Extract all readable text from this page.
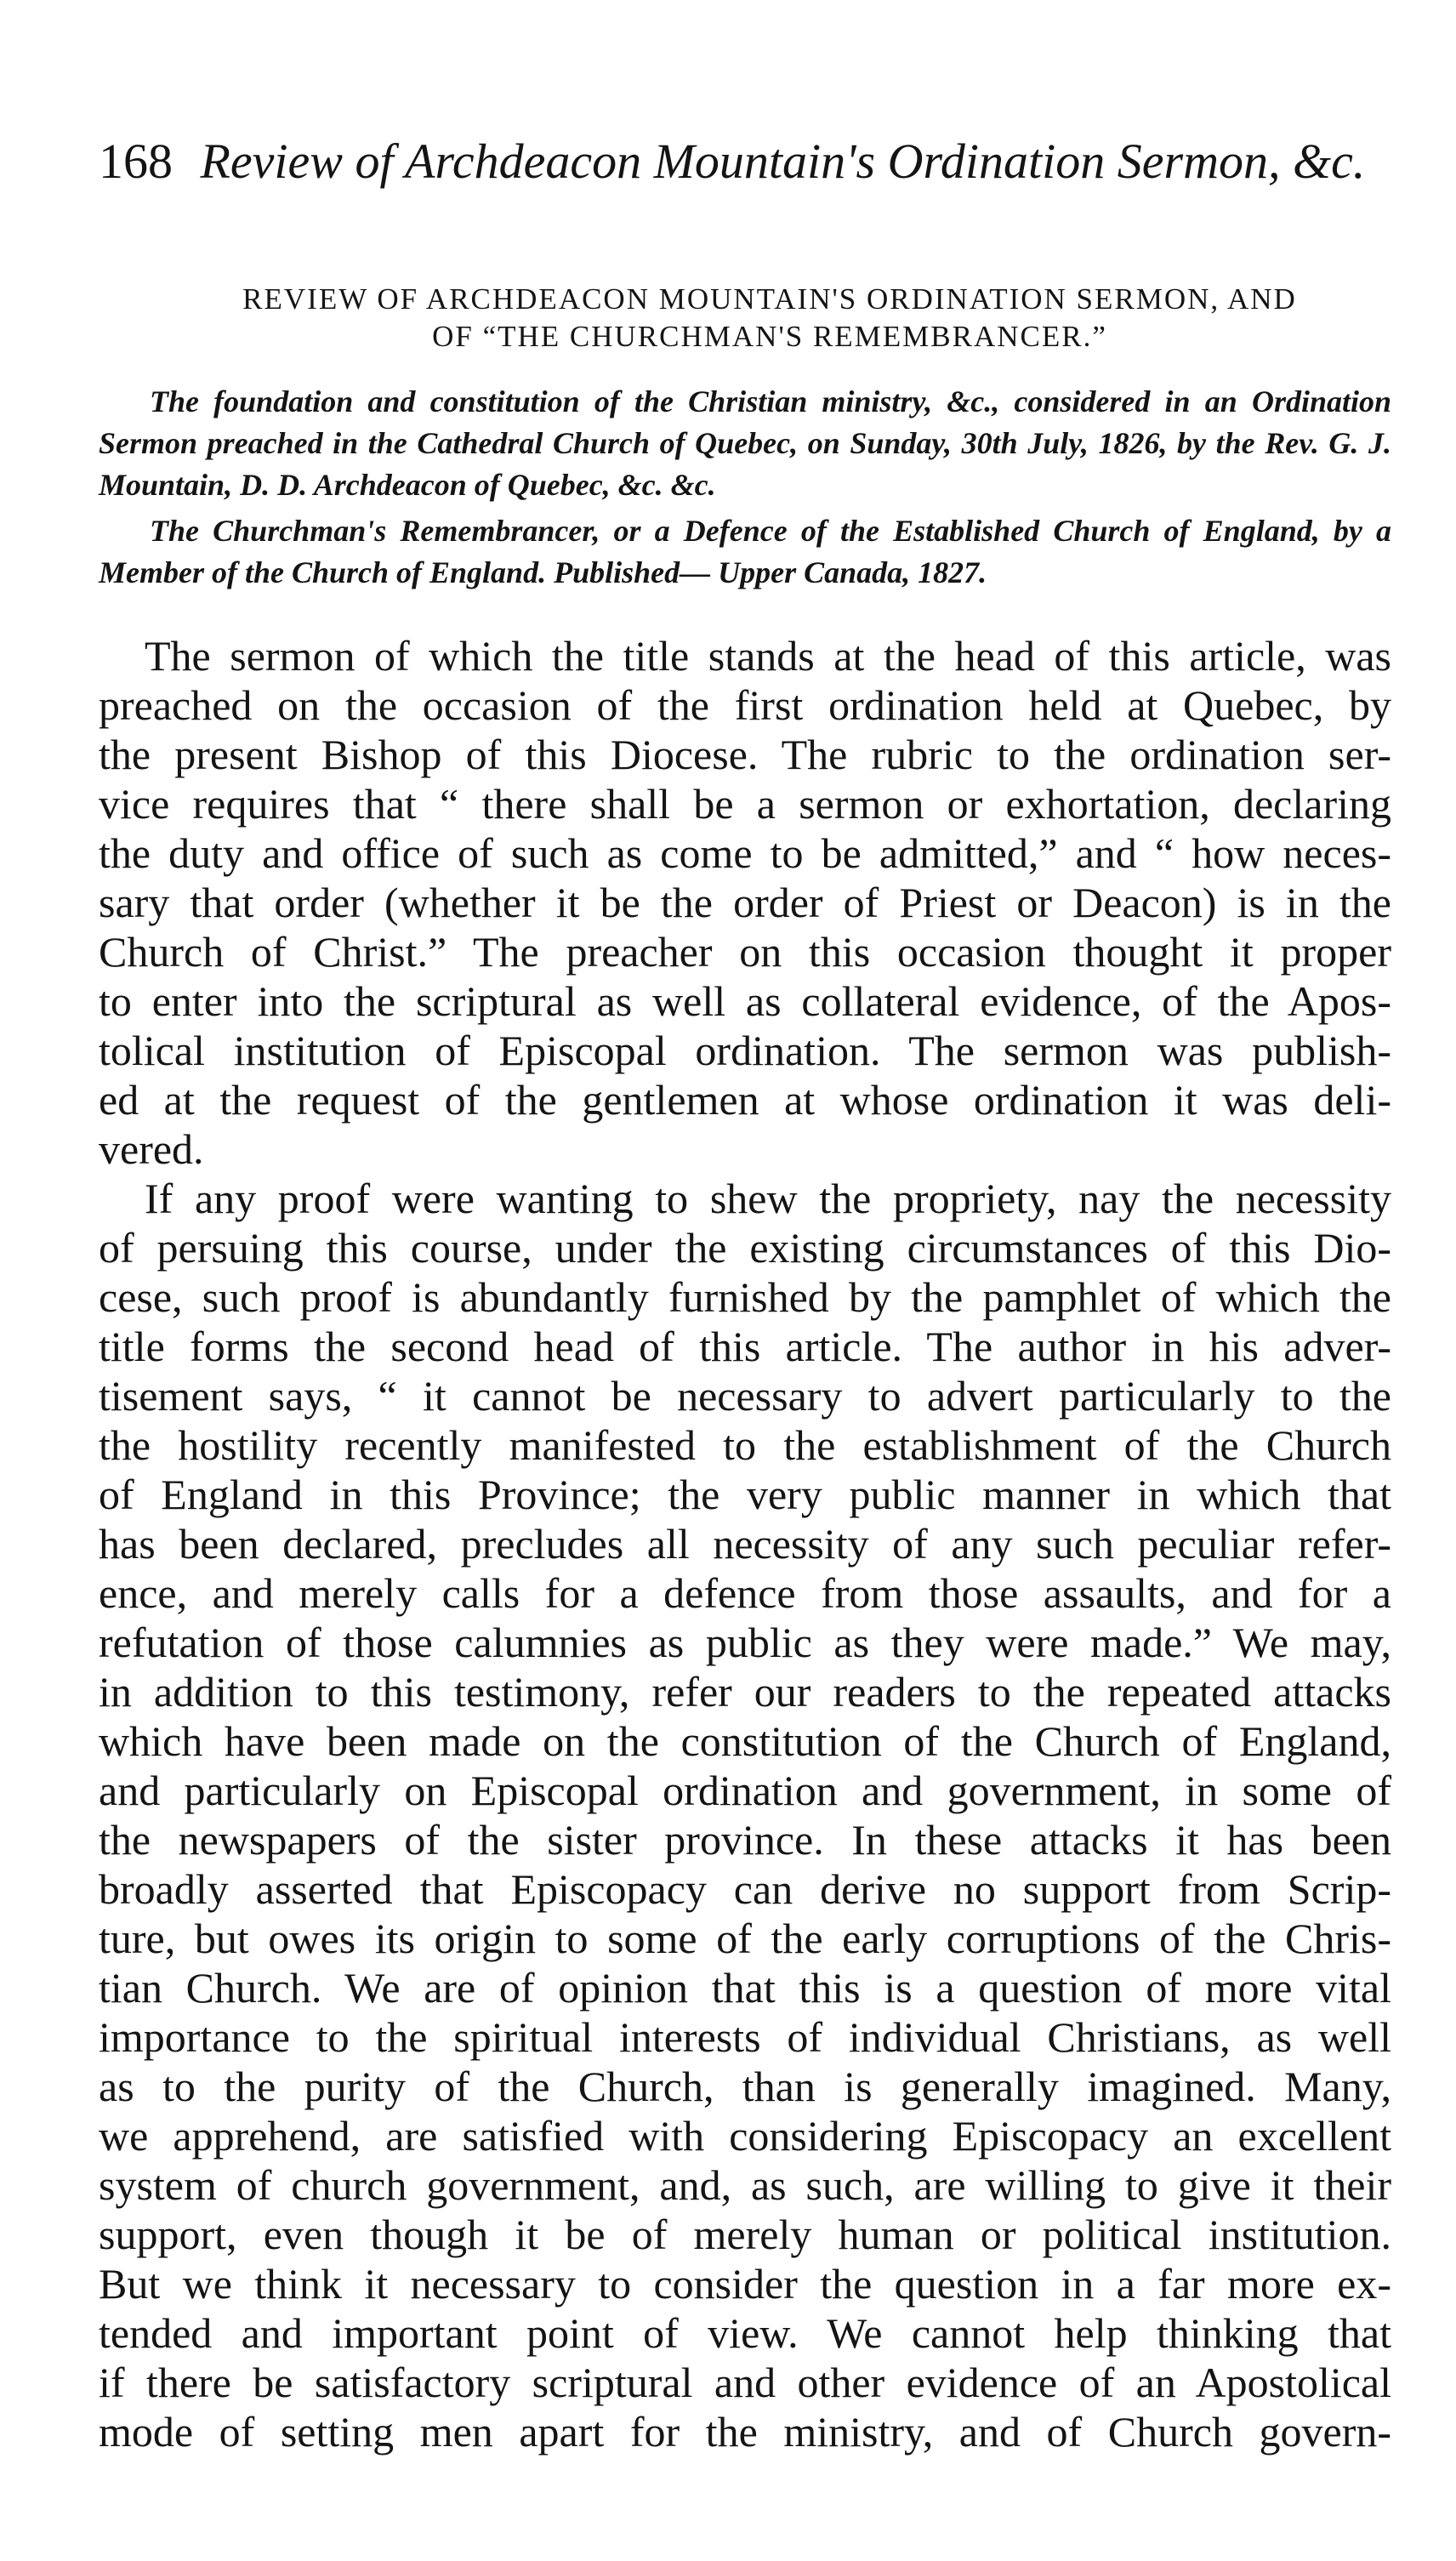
168 Review of Archdeacon Mountain's Ordination Sermon, &c.
REVIEW OF ARCHDEACON MOUNTAIN'S ORDINATION SERMON, AND
OF “THE CHURCHMAN'S REMEMBRANCER.”
The foundation and constitution of the Christian ministry, &c., considered in an Ordination Sermon preached in the Cathedral Church of Quebec, on Sunday, 30th July, 1826, by the Rev. G. J. Mountain, D. D. Archdeacon of Quebec, &c. &c.
The Churchman's Remembrancer, or a Defence of the Established Church of England, by a Member of the Church of England. Published— Upper Canada, 1827.
The sermon of which the title stands at the head of this article, was
preached on the occasion of the first ordination held at Quebec, by
the present Bishop of this Diocese. The rubric to the ordination ser-
vice requires that “ there shall be a sermon or exhortation, declaring
the duty and office of such as come to be admitted,” and “ how neces-
sary that order (whether it be the order of Priest or Deacon) is in the
Church of Christ.” The preacher on this occasion thought it proper
to enter into the scriptural as well as collateral evidence, of the Apos-
tolical institution of Episcopal ordination. The sermon was publish-
ed at the request of the gentlemen at whose ordination it was deli-
vered.
If any proof were wanting to shew the propriety, nay the necessity
of persuing this course, under the existing circumstances of this Dio-
cese, such proof is abundantly furnished by the pamphlet of which the
title forms the second head of this article. The author in his adver-
tisement says, “ it cannot be necessary to advert particularly to the
the hostility recently manifested to the establishment of the Church
of England in this Province; the very public manner in which that
has been declared, precludes all necessity of any such peculiar refer-
ence, and merely calls for a defence from those assaults, and for a
refutation of those calumnies as public as they were made.” We may,
in addition to this testimony, refer our readers to the repeated attacks
which have been made on the constitution of the Church of England,
and particularly on Episcopal ordination and government, in some of
the newspapers of the sister province. In these attacks it has been
broadly asserted that Episcopacy can derive no support from Scrip-
ture, but owes its origin to some of the early corruptions of the Chris-
tian Church. We are of opinion that this is a question of more vital
importance to the spiritual interests of individual Christians, as well
as to the purity of the Church, than is generally imagined. Many,
we apprehend, are satisfied with considering Episcopacy an excellent
system of church government, and, as such, are willing to give it their
support, even though it be of merely human or political institution.
But we think it necessary to consider the question in a far more ex-
tended and important point of view. We cannot help thinking that
if there be satisfactory scriptural and other evidence of an Apostolical
mode of setting men apart for the ministry, and of Church govern-
